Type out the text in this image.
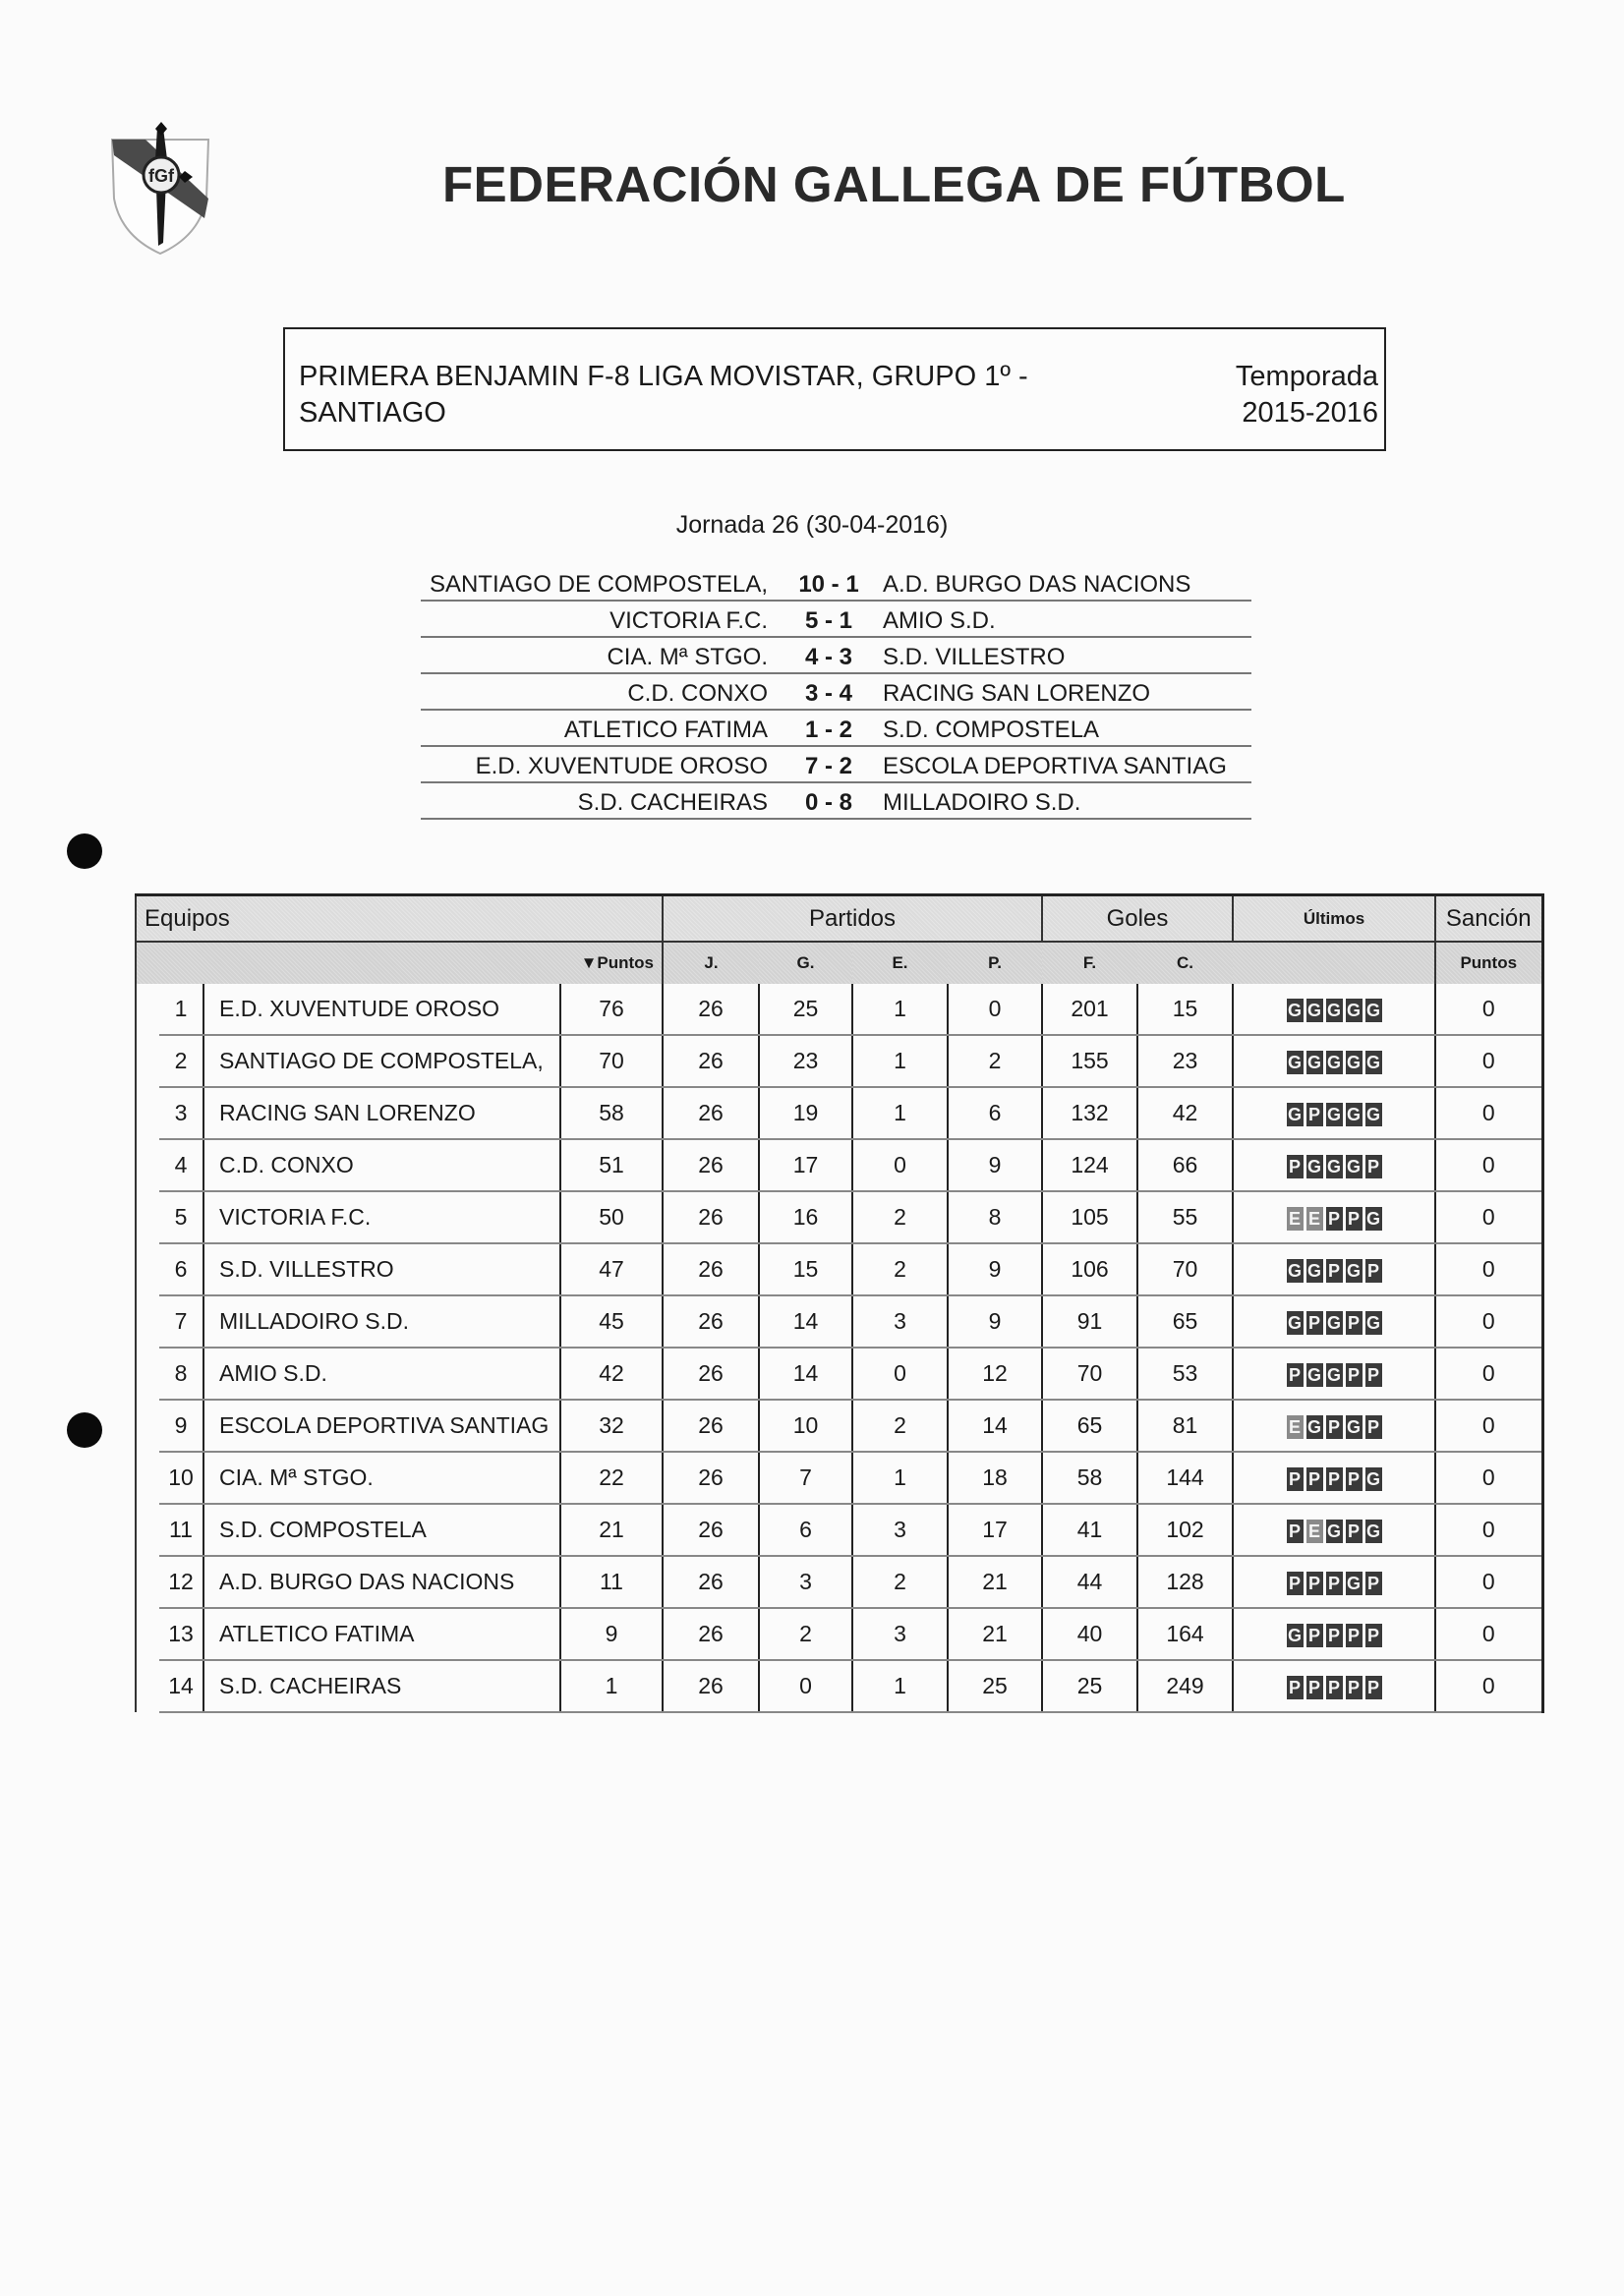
fGf	FEDERACIÓN GALLEGA DE FÚTBOL
PRIMERA BENJAMIN F-8 LIGA MOVISTAR, GRUPO 1º -
SANTIAGO
Temporada
2015-2016
Jornada 26 (30-04-2016)
SANTIAGO DE COMPOSTELA,	10 - 1	A.D. BURGO DAS NACIONS
VICTORIA F.C.	5 - 1	AMIO S.D.
CIA. Mª STGO.	4 - 3	S.D. VILLESTRO
C.D. CONXO	3 - 4	RACING SAN LORENZO
ATLETICO FATIMA	1 - 2	S.D. COMPOSTELA
E.D. XUVENTUDE OROSO	7 - 2	ESCOLA DEPORTIVA SANTIAG
S.D. CACHEIRAS	0 - 8	MILLADOIRO S.D.
Equipos				Partidos				Goles		Últimos	Sanción
▼Puntos				J.	G.	E.	P.	F.	C.		Puntos
	1	E.D. XUVENTUDE OROSO	76	26	25	1	0	201	15	G G G G G	0
	2	SANTIAGO DE COMPOSTELA,	70	26	23	1	2	155	23	G G G G G	0
	3	RACING SAN LORENZO	58	26	19	1	6	132	42	G P G G G	0
	4	C.D. CONXO	51	26	17	0	9	124	66	P G G G P	0
	5	VICTORIA F.C.	50	26	16	2	8	105	55	E E P P G	0
	6	S.D. VILLESTRO	47	26	15	2	9	106	70	G G P G P	0
	7	MILLADOIRO S.D.	45	26	14	3	9	91	65	G P G P G	0
	8	AMIO S.D.	42	26	14	0	12	70	53	P G G P P	0
	9	ESCOLA DEPORTIVA SANTIAG	32	26	10	2	14	65	81	E G P G P	0
	10	CIA. Mª STGO.	22	26	7	1	18	58	144	P P P P G	0
	11	S.D. COMPOSTELA	21	26	6	3	17	41	102	P E G P G	0
	12	A.D. BURGO DAS NACIONS	11	26	3	2	21	44	128	P P P G P	0
	13	ATLETICO FATIMA	9	26	2	3	21	40	164	G P P P P	0
	14	S.D. CACHEIRAS	1	26	0	1	25	25	249	P P P P P	0
